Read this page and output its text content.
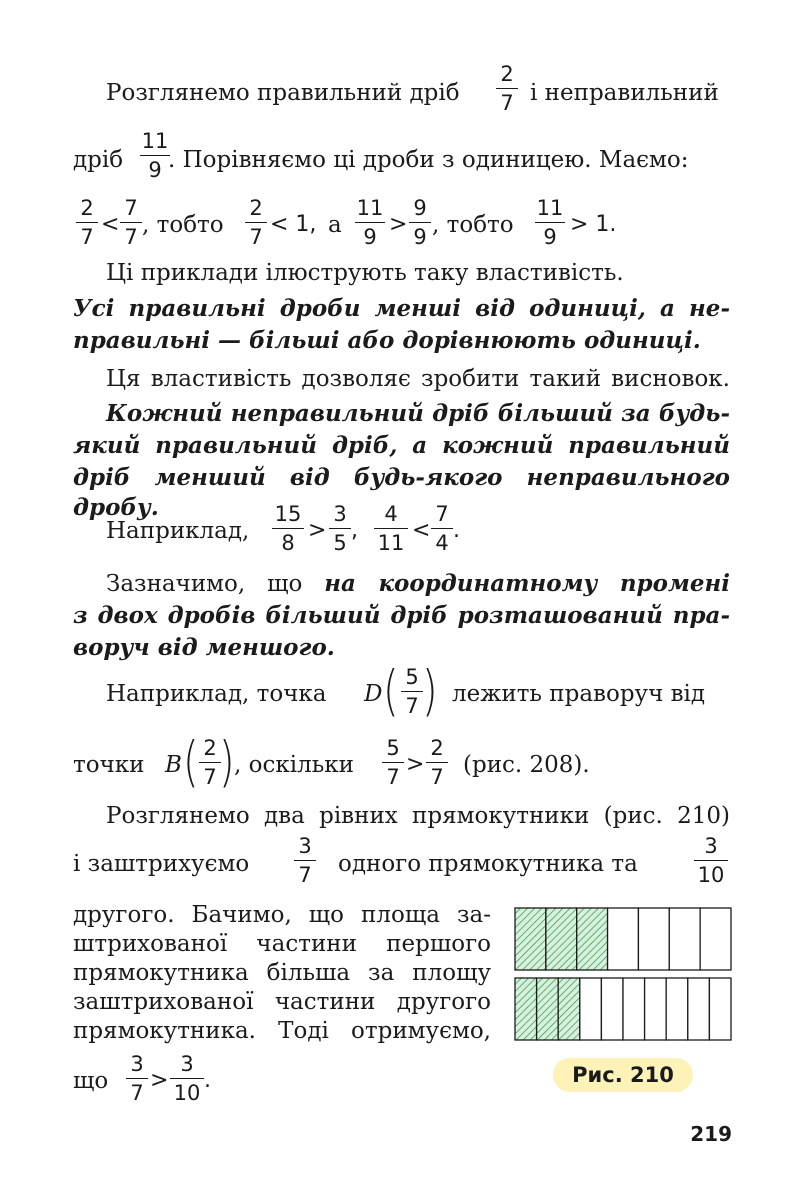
Розглянемо правильний дріб
2
7 і неправильний
дріб
11
9 . Порівняємо ці дроби з одиницею. Маємо:
2
7 <
7
7 , тобто
2
7 < 1, а
11
9 >
9
9 , тобто
11
9 > 1.
Ці приклади ілюструють таку властивість.
Усі правильні дроби менші від одиниці, а не-
правильні — більші або дорівнюють одиниці.
Ця властивість дозволяє зробити такий висновок.
Кожний неправильний дріб більший за будь-
який правильний дріб, а кожний правильний
дріб менший від будь-якого неправильного дробу.
Наприклад,
15
8 >
3
5 ,
4
11 <
7
4 .
Зазначимо, що на координатному промені
з двох дробів більший дріб розташований пра-
воруч від меншого.
Наприклад, точка D ( 5
7 ) лежить праворуч від
точки B ( 2
7 ) , оскільки
5
7 >
2
7 (рис. 208).
Розглянемо два рівних прямокутники (рис. 210)
і заштрихуємо
3
7 одного прямокутника та
3
10
другого. Бачимо, що площа за-
штрихованої частини першого
прямокутника більша за площу
заштрихованої частини другого
прямокутника. Тоді отримуємо,
що
3
7 >
3
10 .	Рис. 210
219
